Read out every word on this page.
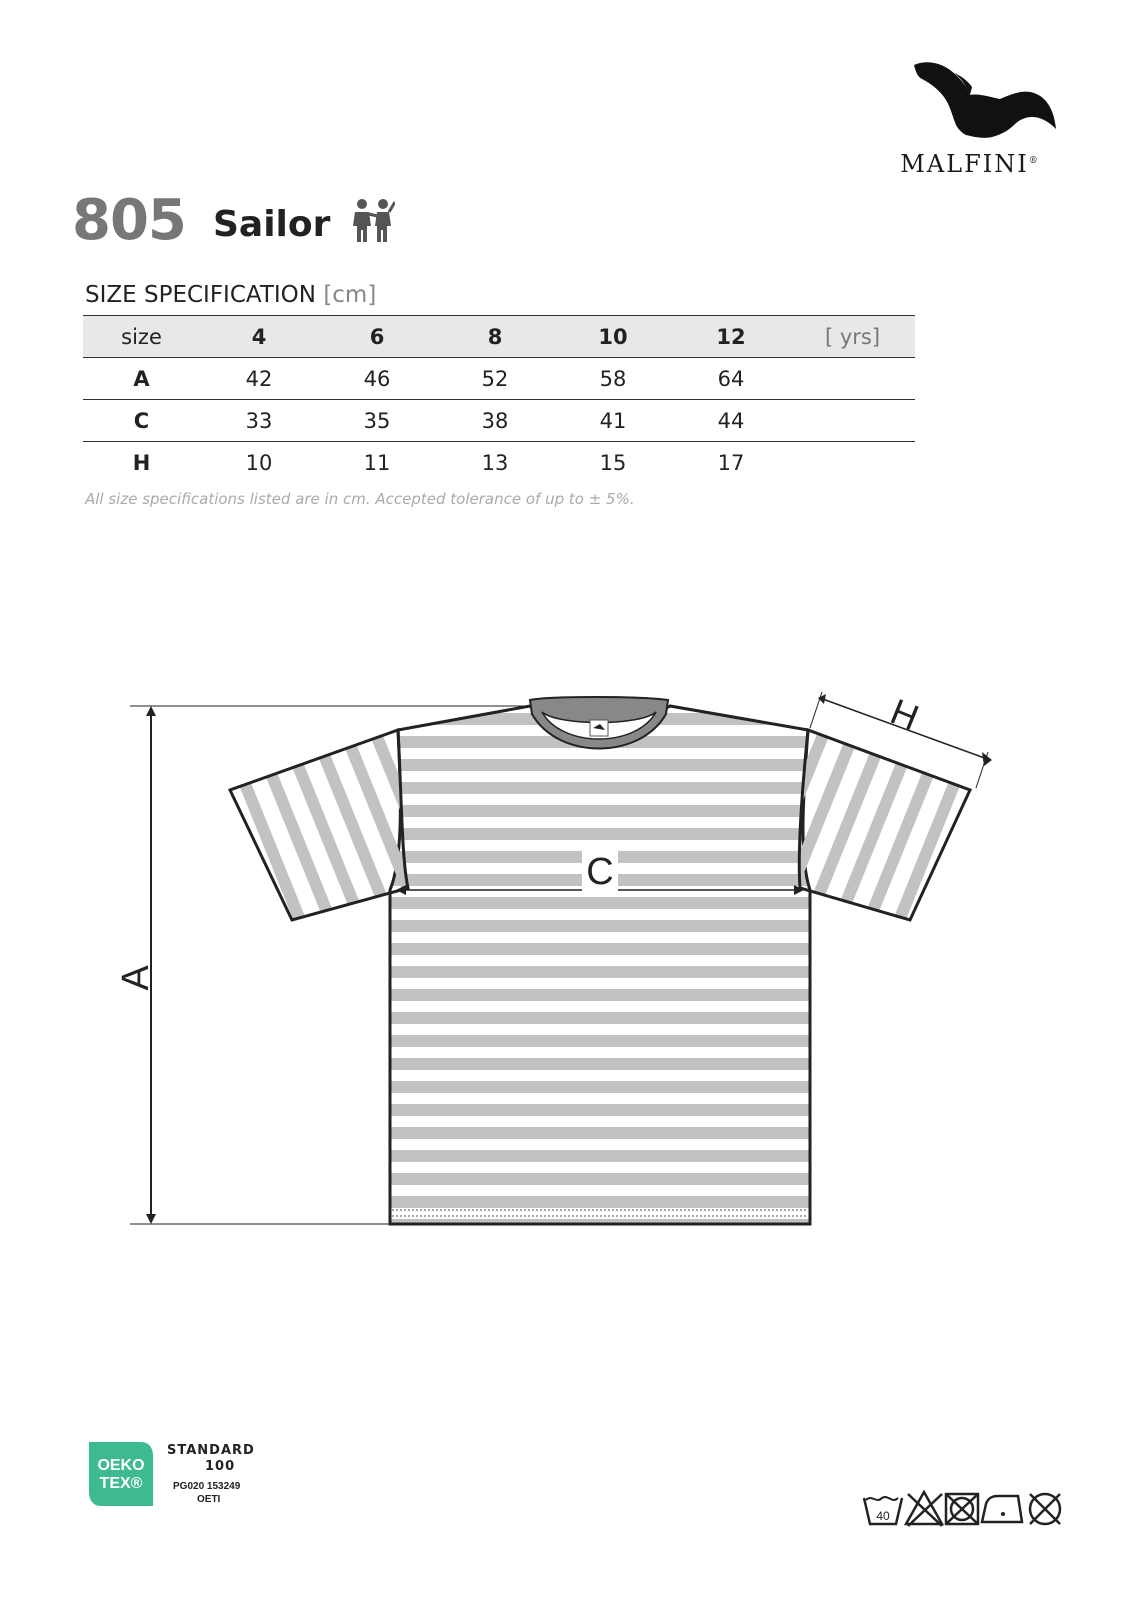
MALFINI®
805 Sailor
SIZE SPECIFICATION [cm]
size	4	6	8	10	12	[ yrs]
A	42	46	52	58	64	
C	33	35	38	41	44	
H	10	11	13	15	17	
All size specifications listed are in cm. Accepted tolerance of up to ± 5%.
A
C
H
OEKO
TEX®
STANDARD
100
PG020 153249
OETI
40
